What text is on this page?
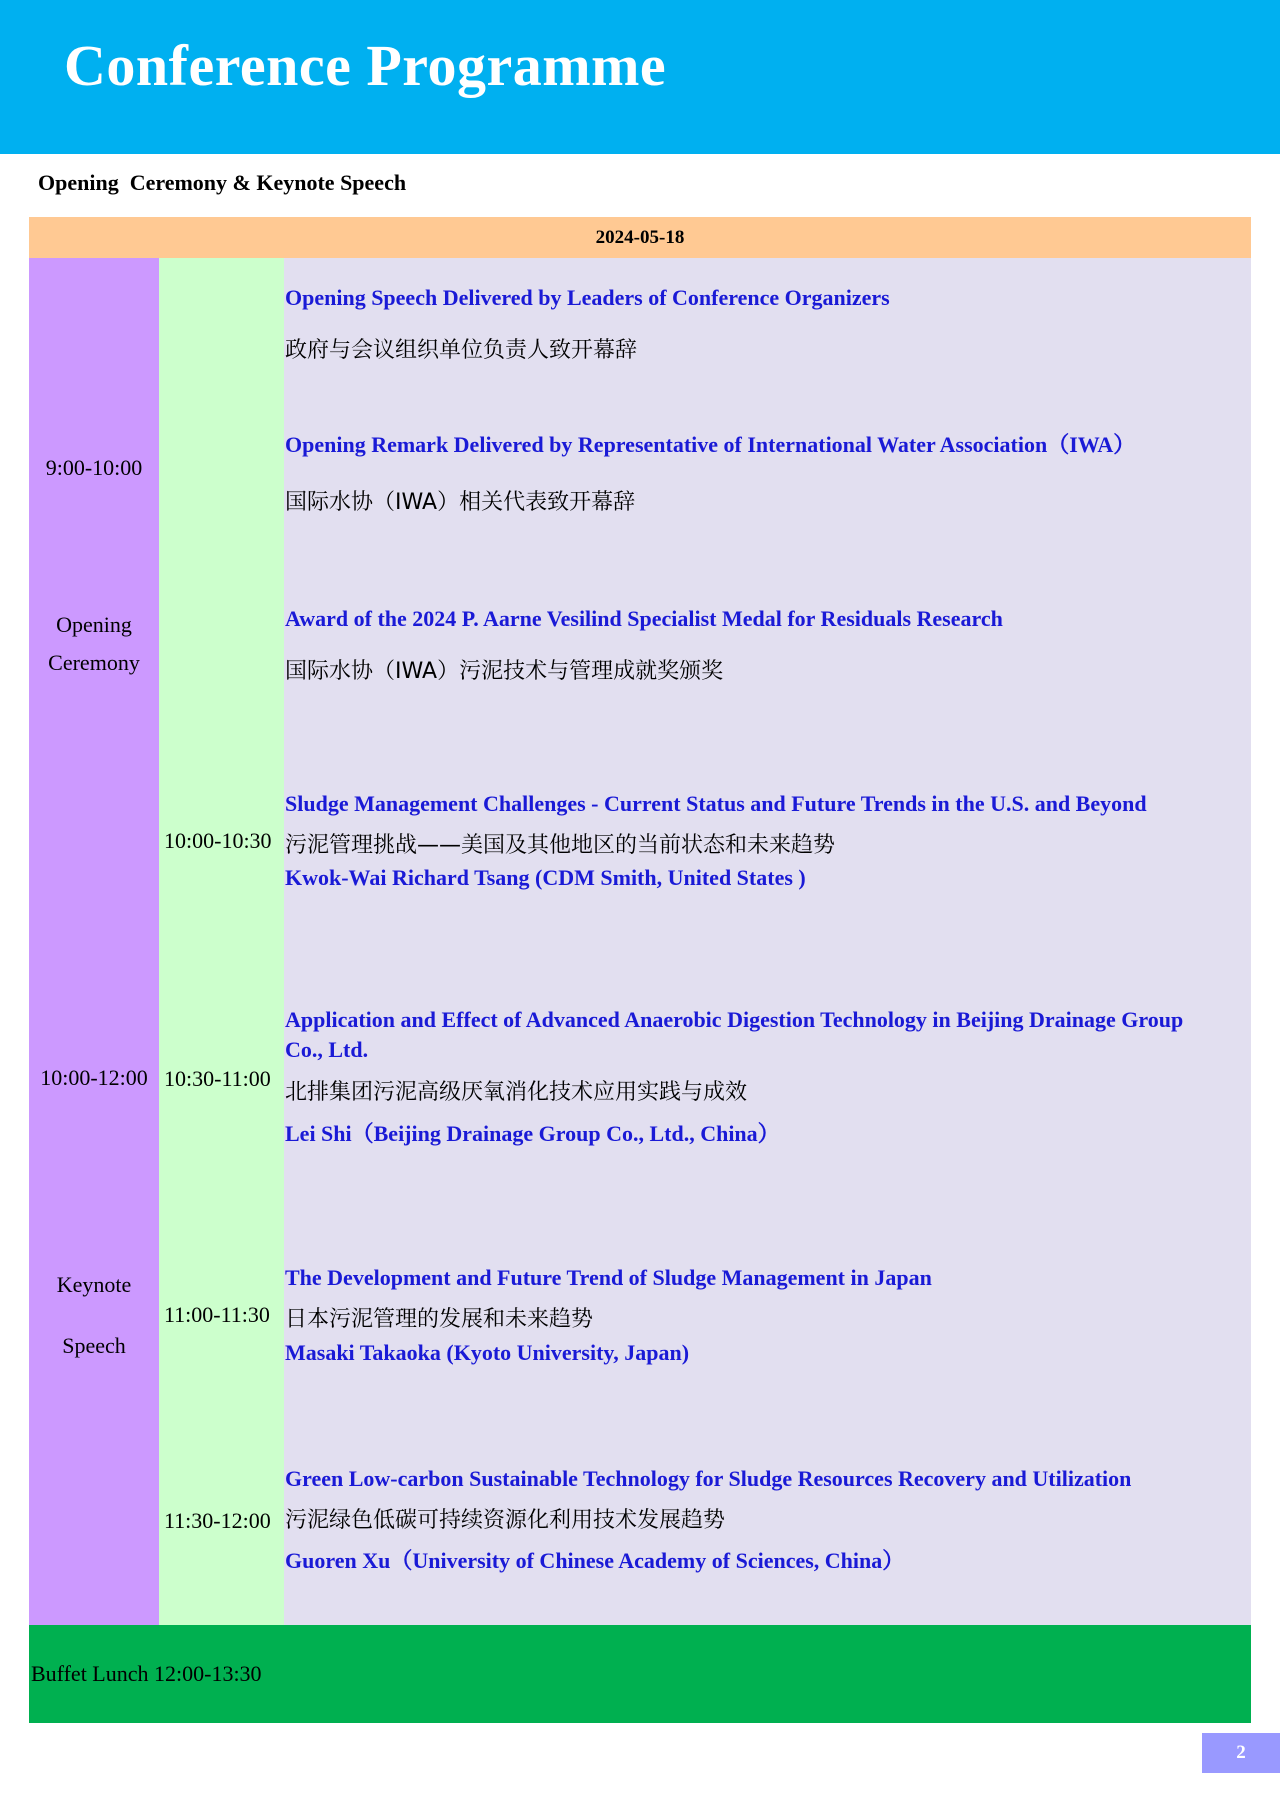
Conference Programme
Opening  Ceremony & Keynote Speech
2024-05-18
9:00-10:00
Opening
Ceremony
10:00-12:00
Keynote
Speech
Opening Speech Delivered by Leaders of Conference Organizers
政府与会议组织单位负责人致开幕辞
Opening Remark Delivered by Representative of International Water Association（IWA）
国际水协（IWA）相关代表致开幕辞
Award of the 2024 P. Aarne Vesilind Specialist Medal for Residuals Research
国际水协（IWA）污泥技术与管理成就奖颁奖
10:00-10:30
Sludge Management Challenges - Current Status and Future Trends in the U.S. and Beyond
污泥管理挑战——美国及其他地区的当前状态和未来趋势
Kwok-Wai Richard Tsang (CDM Smith, United States )
10:30-11:00
Application and Effect of Advanced Anaerobic Digestion Technology in Beijing Drainage Group Co., Ltd.
北排集团污泥高级厌氧消化技术应用实践与成效
Lei Shi（Beijing Drainage Group Co., Ltd., China）
11:00-11:30
The Development and Future Trend of Sludge Management in Japan
日本污泥管理的发展和未来趋势
Masaki Takaoka (Kyoto University, Japan)
11:30-12:00
Green Low-carbon Sustainable Technology for Sludge Resources Recovery and Utilization
污泥绿色低碳可持续资源化利用技术发展趋势
Guoren Xu（University of Chinese Academy of Sciences, China）
Buffet Lunch 12:00-13:30
2
